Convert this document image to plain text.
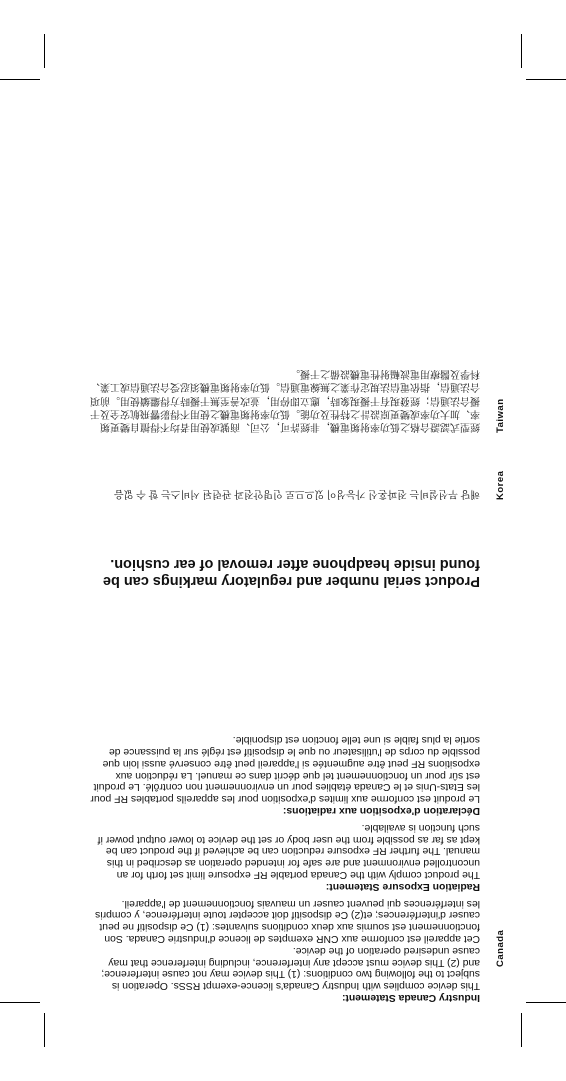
Canada
Korea
Taiwan

Industry Canada Statement:

This device complies with Industry Canada's licence-exempt RSSs. Operation is subject to the following two conditions: (1) This device may not cause interference; and (2) This device must accept any interference, including interference that may cause undesired operation of the device.

Cet appareil est conforme aux CNR exemptes de licence d'Industrie Canada. Son fonctionnement est soumis aux deux conditions suivantes: (1) Ce dispositif ne peut causer d'interférences; et(2) Ce dispositif doit accepter toute interférence, y compris les interférences qui peuvent causer un mauvais fonctionnement de l'appareil.

Radiation Exposure Statement:

The product comply with the Canada portable RF exposure limit set forth for an uncontrolled environment and are safe for intended operation as described in this manual. The further RF exposure reduction can be achieved if the product can be kept as far as possible from the user body or set the device to lower output power if such function is available.

Déclaration d'exposition aux radiations:

Le produit est conforme aux limites d'exposition pour les appareils portables RF pour les Etats-Unis et le Canada établies pour un environnement non contrôlé. Le produit est sûr pour un fonctionnement tel que décrit dans ce manuel. La réduction aux expositions RF peut être augmentée si l'appareil peut être conservé aussi loin que possible du corps de l'utilisateur ou que le dispositif est réglé sur la puissance de sortie la plus faible si une telle fonction est disponible.

Product serial number and regulatory markings can be found inside headphone after removal of ear cushion.

해당 무선설비는 전파혼신 가능성이 있으므로 인명안전과 관련된 서비스는 할 수 없음

經型式認證合格之低功率射頻電機，非經許可，公司、商號或使用者均不得擅自變更頻率、加大功率或變更原設計之特性及功能。低功率射頻電機之使用不得影響飛航安全及干擾合法通信；經發現有干擾現象時，應立即停用，並改善至無干擾時方得繼續使用。前項合法通信，指依電信法規定作業之無線電通信。低功率射頻電機須忍受合法通信或工業、科學及醫療用電波輻射性電機設備之干擾。
